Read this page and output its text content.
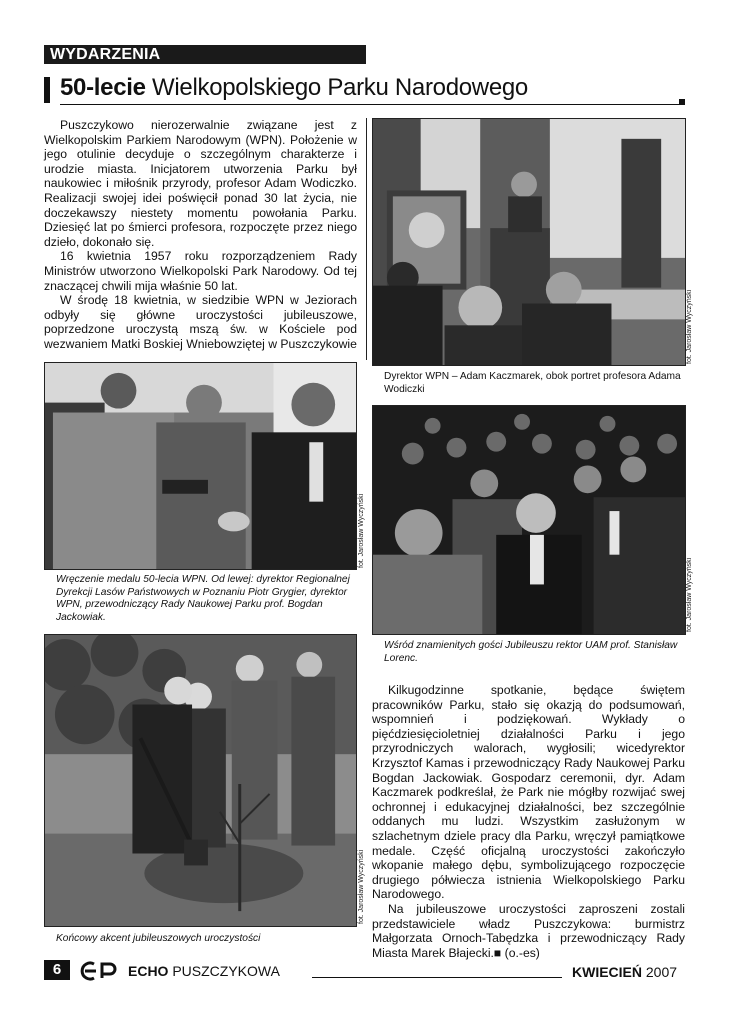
WYDARZENIA
50-lecie Wielkopolskiego Parku Narodowego

Puszczykowo nierozerwalnie związane jest z Wielkopolskim Parkiem Narodowym (WPN). Położenie w jego otulinie decyduje o szczególnym charakterze i urodzie miasta. Inicjatorem utworzenia Parku był naukowiec i miłośnik przyrody, profesor Adam Wodiczko. Realizacji swojej idei poświęcił ponad 30 lat życia, nie doczekawszy niestety momentu powołania Parku. Dziesięć lat po śmierci profesora, rozpoczęte przez niego dzieło, dokonało się.

16 kwietnia 1957 roku rozporządzeniem Rady Ministrów utworzono Wielkopolski Park Narodowy. Od tej znaczącej chwili mija właśnie 50 lat.

W środę 18 kwietnia, w siedzibie WPN w Jeziorach odbyły się główne uroczystości jubileuszowe, poprzedzone uroczystą mszą św. w Kościele pod wezwaniem Matki Boskiej Wniebowziętej w Puszczykowie	fot. Jarosław Wyczyński

Dyrektor WPN – Adam Kaczmarek, obok portret profesora Adama Wodiczki

fot. Jarosław Wyczyński

Wręczenie medalu 50-lecia WPN. Od lewej: dyrektor Regionalnej Dyrekcji Lasów Państwowych w Poznaniu Piotr Grygier, dyrektor WPN, przewodniczący Rady Naukowej Parku prof. Bogdan Jackowiak.	fot. Jarosław Wyczyński

Wśród znamienitych gości Jubileuszu rektor UAM prof. Stanisław Lorenc.

fot. Jarosław Wyczyński

Końcowy akcent jubileuszowych uroczystości

Kilkugodzinne spotkanie, będące świętem pracowników Parku, stało się okazją do podsumowań, wspomnień i podziękowań. Wykłady o pięćdziesięcioletniej działalności Parku i jego przyrodniczych walorach, wygłosili; wicedyrektor Krzysztof Kamas i przewodniczący Rady Naukowej Parku Bogdan Jackowiak. Gospodarz ceremonii, dyr. Adam Kaczmarek podkreślał, że Park nie mógłby rozwijać swej ochronnej i edukacyjnej działalności, bez szczególnie oddanych mu ludzi. Wszystkim zasłużonym w szlachetnym dziele pracy dla Parku, wręczył pamiątkowe medale. Część oficjalną uroczystości zakończyło wkopanie małego dębu, symbolizującego rozpoczęcie drugiego półwiecza istnienia Wielkopolskiego Parku Narodowego.

Na jubileuszowe uroczystości zaproszeni zostali przedstawiciele władz Puszczykowa: burmistrz Małgorzata Ornoch-Tabędzka i przewodniczący Rady Miasta Marek Błajecki.■ (o.-es)

6	ECHO PUSZCZYKOWA	KWIECIEŃ 2007
